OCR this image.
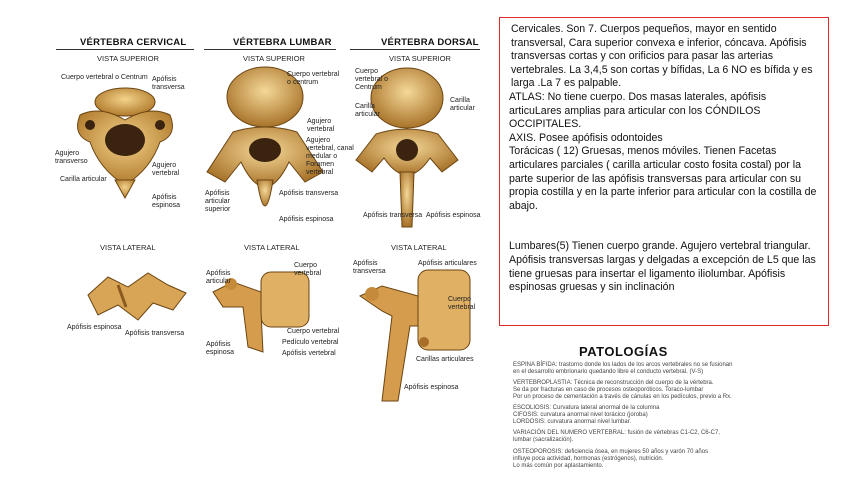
VÉRTEBRA CERVICAL	VÉRTEBRA LUMBAR	VÉRTEBRA DORSAL
VISTA SUPERIOR	VISTA SUPERIOR	VISTA SUPERIOR
Cuerpo vertebral o Centrum Apófisis transversa
Agujero transverso
Carilla articular
Agujero vertebral
Apófisis espinosa
Cuerpo vertebral o centrum
Agujero vertebral
Apófisis transversa
Apófisis articular superior
Apófisis espinosa
Cuerpo vertebral o Centrum
Carilla articular
Agujero vertebral, canal medular o Foramen vertebral
Carilla articular
Apófisis transversa Apófisis espinosa
VISTA LATERAL	VISTA LATERAL	VISTA LATERAL
Apófisis espinosa
Apófisis transversa
Cuerpo vertebral
Apófisis articular
Cuerpo vertebral
Pedículo vertebral
Apófisis espinosa	Apófisis vertebral
Apófisis transversa
Apófisis articulares
Cuerpo vertebral
Carillas articulares
Apófisis espinosa

Cervicales. Son 7. Cuerpos pequeños, mayor en sentido transversal, Cara superior convexa e inferior, cóncava. Apófisis transversas cortas y con orificios para pasar las arterias vertebrales. La 3,4,5 son cortas y bífidas, La 6 NO es bífida y es larga .La 7 es palpable.

ATLAS: No tiene cuerpo. Dos masas laterales, apófisis articuLares amplias para articular con los CÓNDILOS OCCIPITALES.

AXIS. Posee apófisis odontoides

Torácicas ( 12) Gruesas, menos móviles. Tienen Facetas articulares parciales ( carilla articular costo fosita costal) por la parte superior de las apófisis transversas para articular con su propia costilla y en la parte inferior para articular con la costilla de abajo.

Lumbares(5) Tienen cuerpo grande. Agujero vertebral triangular. Apófisis transversas largas y delgadas a excepción de L5 que las tiene gruesas para insertar el ligamento iliolumbar. Apófisis espinosas gruesas y sin inclinación

PATOLOGÍAS
ESPINA BÍFIDA: trastorno donde los lados de los arcos vertebrales no se fusionan
en el desarrollo embrionario quedando libre el conducto vertebral. (V-S)
VERTEBROPLASTIA: Técnica de reconstrucción del cuerpo de la vértebra.
Se da por fracturas en caso de procesos osteoporóticos. Toraco-lumbar
Por un proceso de cementación a través de cánulas en los pedículos, previo a Rx.
ESCOLIOSIS: Curvatura lateral anormal de la columna
CIFOSIS: curvatura anormal nivel torácico (joroba)
LORDOSIS: curvatura anormal nivel lumbar.
VARIACIÓN DEL NUMERO VERTEBRAL: fusión de vértebras C1-C2, C6-C7,
lumbar (sacralización).
OSTEOPOROSIS: deficiencia ósea, en mujeres 50 años y varón 70 años
influye poca actividad, hormonas (estrógenos), nutrición.
Lo más común por aplastamiento.
